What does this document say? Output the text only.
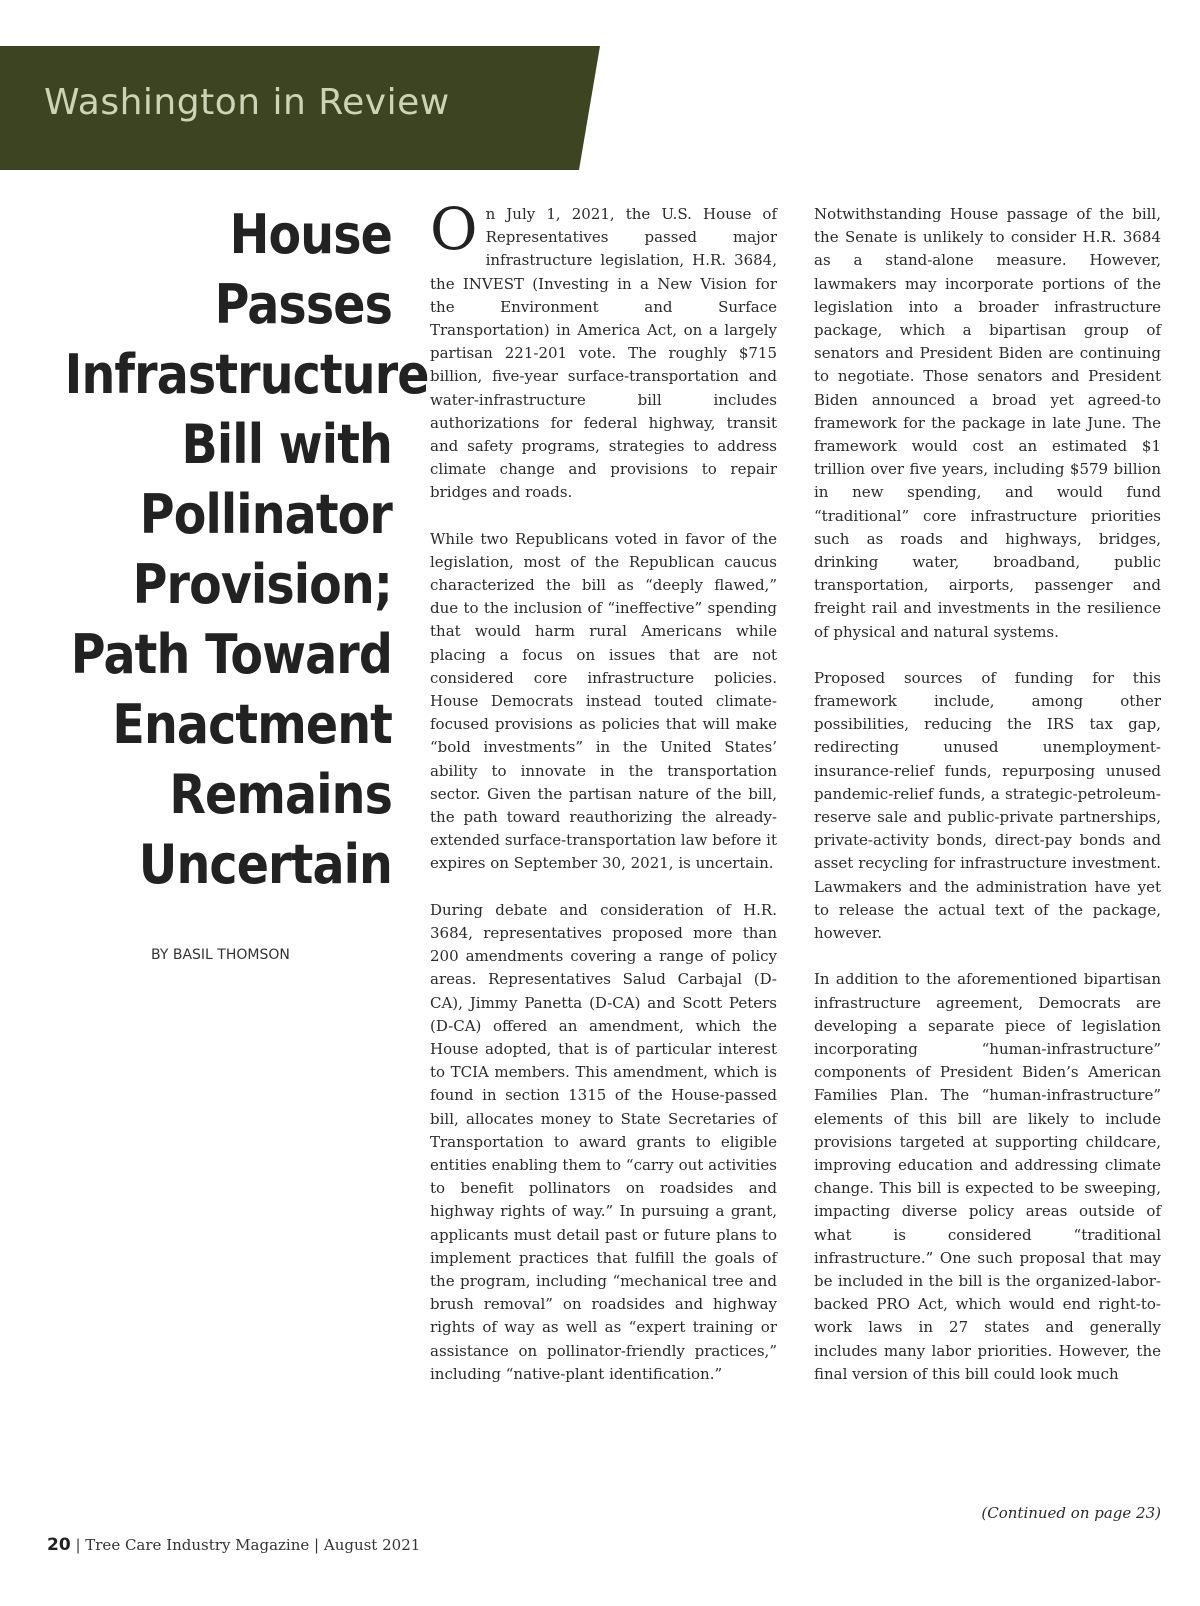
Washington in Review
House Passes Infrastructure Bill with Pollinator Provision; Path Toward Enactment Remains Uncertain
BY BASIL THOMSON

On July 1, 2021, the U.S. House of Representatives passed major infrastructure legislation, H.R. 3684, the INVEST (Investing in a New Vision for the Environment and Surface Transportation) in America Act, on a largely partisan 221-201 vote. The roughly $715 billion, five-year surface-transportation and water-infrastructure bill includes authorizations for federal highway, transit and safety programs, strategies to address climate change and provisions to repair bridges and roads.

While two Republicans voted in favor of the legislation, most of the Republican caucus characterized the bill as “deeply flawed,” due to the inclusion of “ineffective” spending that would harm rural Americans while placing a focus on issues that are not considered core infrastructure policies. House Democrats instead touted climate-focused provisions as policies that will make “bold investments” in the United States’ ability to innovate in the transportation sector. Given the partisan nature of the bill, the path toward reauthorizing the already-extended surface-transportation law before it expires on September 30, 2021, is uncertain.

During debate and consideration of H.R. 3684, representatives proposed more than 200 amendments covering a range of policy areas. Representatives Salud Carbajal (D-CA), Jimmy Panetta (D-CA) and Scott Peters (D-CA) offered an amendment, which the House adopted, that is of particular interest to TCIA members. This amendment, which is found in section 1315 of the House-passed bill, allocates money to State Secretaries of Transportation to award grants to eligible entities enabling them to “carry out activities to benefit pollinators on roadsides and highway rights of way.” In pursuing a grant, applicants must detail past or future plans to implement practices that fulfill the goals of the program, including “mechanical tree and brush removal” on roadsides and highway rights of way as well as “expert training or assistance on pollinator-friendly practices,” including “native-plant identification.”

Notwithstanding House passage of the bill, the Senate is unlikely to consider H.R. 3684 as a stand-alone measure. However, lawmakers may incorporate portions of the legislation into a broader infrastructure package, which a bipartisan group of senators and President Biden are continuing to negotiate. Those senators and President Biden announced a broad yet agreed-to framework for the package in late June. The framework would cost an estimated $1 trillion over five years, including $579 billion in new spending, and would fund “traditional” core infrastructure priorities such as roads and highways, bridges, drinking water, broadband, public transportation, airports, passenger and freight rail and investments in the resilience of physical and natural systems.

Proposed sources of funding for this framework include, among other possibilities, reducing the IRS tax gap, redirecting unused unemployment-insurance-relief funds, repurposing unused pandemic-relief funds, a strategic-petroleum-reserve sale and public-private partnerships, private-activity bonds, direct-pay bonds and asset recycling for infrastructure investment. Lawmakers and the administration have yet to release the actual text of the package, however.

In addition to the aforementioned bipartisan infrastructure agreement, Democrats are developing a separate piece of legislation incorporating “human-infrastructure” components of President Biden’s American Families Plan. The “human-infrastructure” elements of this bill are likely to include provisions targeted at supporting childcare, improving education and addressing climate change. This bill is expected to be sweeping, impacting diverse policy areas outside of what is considered “traditional infrastructure.” One such proposal that may be included in the bill is the organized-labor-backed PRO Act, which would end right-to-work laws in 27 states and generally includes many labor priorities. However, the final version of this bill could look much

(Continued on page 23)
20 | Tree Care Industry Magazine | August 2021
